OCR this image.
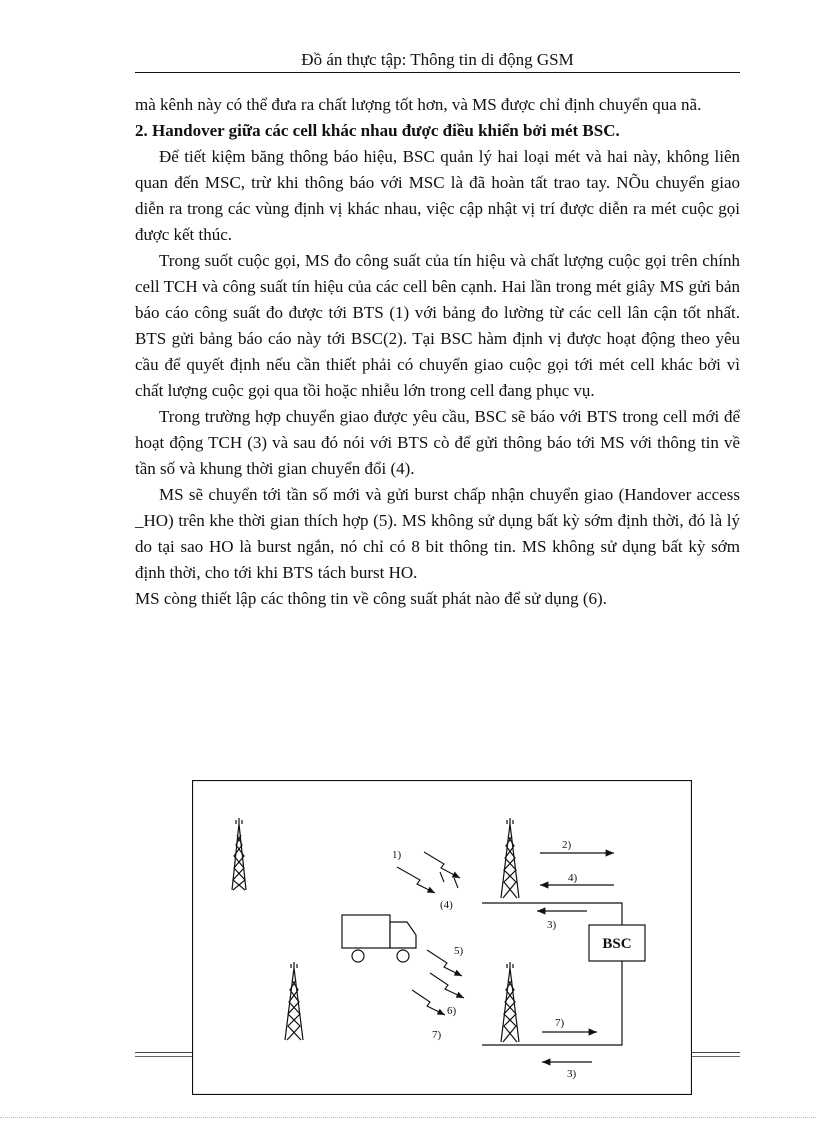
Đồ án thực tập: Thông tin di động GSM

mà kênh này có thể đưa ra chất lượng tốt hơn, và MS được chỉ định chuyển qua nã.

2. Handover giữa các cell khác nhau được điều khiển bởi mét BSC.

Để tiết kiệm băng thông báo hiệu, BSC quản lý hai loại mét và hai này, không liên quan đến MSC, trừ khi thông báo với MSC là đã hoàn tất trao tay. NÕu chuyển giao diễn ra trong các vùng định vị khác nhau, việc cập nhật vị trí được diễn ra mét cuộc gọi được kết thúc.

Trong suốt cuộc gọi, MS đo công suất của tín hiệu và chất lượng cuộc gọi trên chính cell TCH và công suất tín hiệu của các cell bên cạnh. Hai lần trong mét giây MS gửi bản báo cáo công suất đo được tới BTS (1) với bảng đo lường từ các cell lân cận tốt nhất. BTS gửi bảng báo cáo này tới BSC(2). Tại BSC hàm định vị được hoạt động theo yêu cầu để quyết định nếu cần thiết phải có chuyển giao cuộc gọi tới mét cell khác bởi vì chất lượng cuộc gọi qua tồi hoặc nhiễu lớn trong cell đang phục vụ.

Trong trường hợp chuyển giao được yêu cầu, BSC sẽ báo với BTS trong cell mới để hoạt động TCH (3) và sau đó nói với BTS cò để gửi thông báo tới MS với thông tin về tần số và khung thời gian chuyển đổi (4).

MS sẽ chuyển tới tần số mới và gửi burst chấp nhận chuyển giao (Handover access _HO) trên khe thời gian thích hợp (5). MS không sử dụng bất kỳ sớm định thời, đó là lý do tại sao HO là burst ngắn, nó chỉ có 8 bit thông tin. MS không sử dụng bất kỳ sớm định thời, cho tới khi BTS tách burst HO.

MS còng thiết lập các thông tin về công suất phát nào để sử dụng (6).

BSC
1)
2)
4)
(4)
3)
5)
6)
7)
7)
3)
